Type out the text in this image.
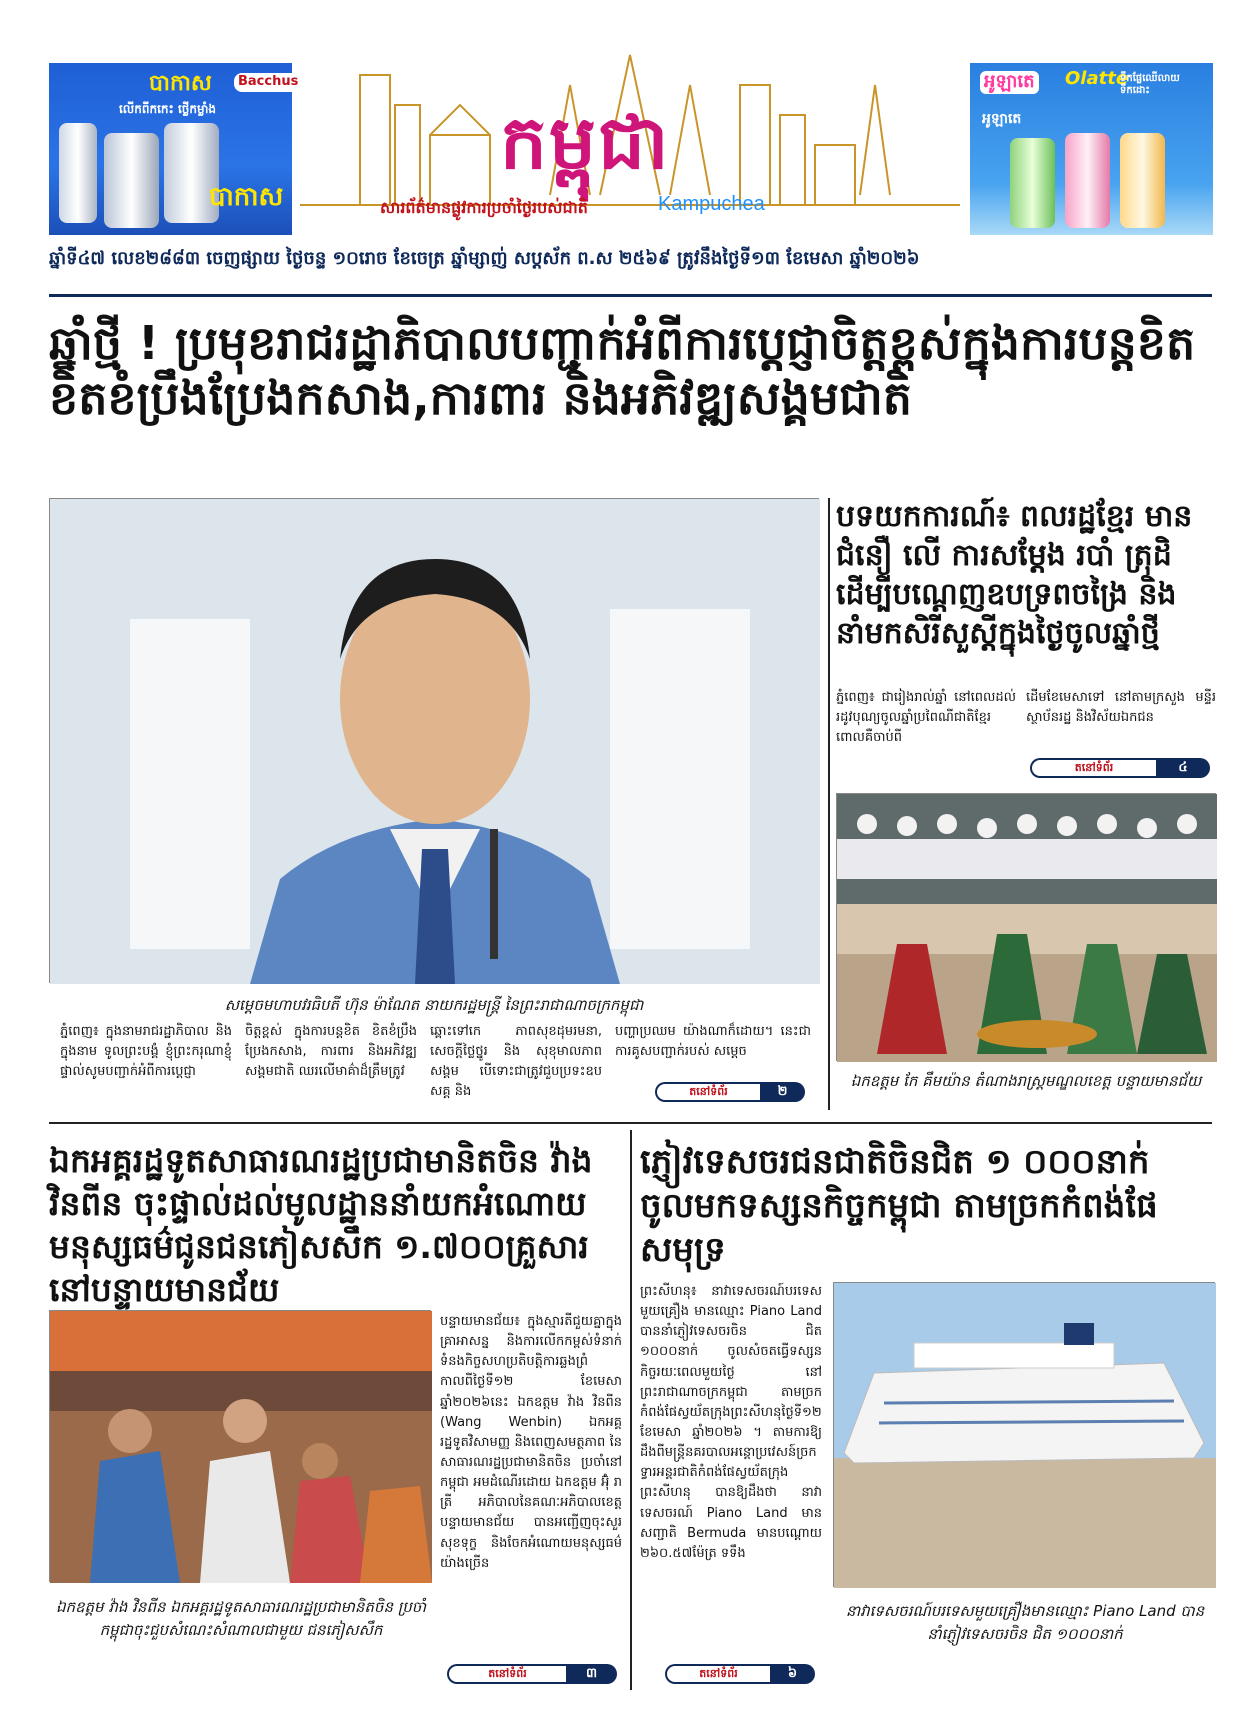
បាកាស
លើកពីកកេះ ថ្លើកម្លាំង
Bacchus
បាកាស
កម្ពុជា
សារព័ត៌មានផ្លូវការប្រចាំថ្ងៃរបស់ជាតិ	Kampuchea
អូឡាតេ Olatte
ទឹកផ្លែឈើលាយទឹកដោះ
អូឡាតេ
ឆ្នាំទី៤៧ លេខ២៨៨៣ ចេញផ្សាយ ថ្ងៃចន្ទ ១០រោច ខែចេត្រ ឆ្នាំម្សាញ់ សប្តស័ក ព.ស ២៥៦៩ ត្រូវនឹងថ្ងៃទី១៣ ខែមេសា ឆ្នាំ២០២៦
ឆ្នាំថ្មី ! ប្រមុខរាជរដ្ឋាភិបាលបញ្ជាក់អំពីការប្តេជ្ញាចិត្តខ្ពស់ក្នុងការបន្តខិតខិតខំប្រឹងប្រែងកសាង,ការពារ និងអភិវឌ្ឍសង្គមជាតិ
សម្តេចមហាបវរធិបតី ហ៊ុន ម៉ាណែត នាយករដ្ឋមន្ត្រី នៃព្រះរាជាណាចក្រកម្ពុជា
ភ្នំពេញ៖ ក្នុងនាមរាជរដ្ឋាភិបាល និងក្នុងនាម ទូលព្រះបង្គំ ខ្ញុំព្រះករុណាខ្ញុំផ្ទាល់សូមបញ្ជាក់អំពីការប្តេជ្ញា
ចិត្តខ្ពស់ ក្នុងការបន្តខិត ខិតខំប្រឹងប្រែងកសាង, ការពារ និងអភិវឌ្ឍសង្គមជាតិ ឈរលើមាគ៌ាដ៏ត្រឹមត្រូវ
ឆ្ពោះទៅកេ ភាពសុខដុមរមនា, សេចក្តីថ្លៃថ្នូរ និង សុខុមាលភាពសង្គម បើទោះជាត្រូវជួបប្រទះឧបសគ្គ និង
បញ្ហាប្រឈម យ៉ាងណាក៏ដោយ។ នេះជាការគូសបញ្ជាក់របស់ សម្តេច
តនៅទំព័រ	២
បទយកការណ៍៖ ពលរដ្ឋខ្មែរ មានជំនឿ លើ ការសម្តែង របាំ ត្រុដិ ដើម្បីបណ្តេញឧបទ្រពចង្រៃ និង នាំមកសិរីសួស្តីក្នុងថ្ងៃចូលឆ្នាំថ្មី
ភ្នំពេញ៖ ជារៀងរាល់ឆ្នាំ នៅពេលដល់រដូវបុណ្យចូលឆ្នាំប្រពៃណីជាតិខ្មែរពោលគឺចាប់ពី
ដើមខែមេសាទៅ នៅតាមក្រសួង មន្ទីរ ស្ថាប័នរដ្ឋ និងវិស័យឯកជន
តនៅទំព័រ	៤
ឯកឧត្តម កែ គឹមយ៉ាន តំណាងរាស្ត្រមណ្ឌលខេត្ត បន្ទាយមានជ័យ
ឯកអគ្គរដ្ឋទូតសាធារណរដ្ឋប្រជាមានិតចិន វ៉ាង វិនពីន ចុះផ្ទាល់ដល់មូលដ្ឋាននាំយកអំណោយមនុស្សធម៌ជូនជនភៀសសឹក ១.៧០០គ្រួសារ នៅបន្ទាយមានជ័យ
បន្ទាយមានជ័យ៖ ក្នុងស្មារតីជួយគ្នាក្នុងគ្រាអាសន្ន និងការលើកកម្ពស់ទំនាក់ទំនងកិច្ចសហប្រតិបត្តិការឆ្លងព្រំ កាលពីថ្ងៃទី១២ ខែមេសា ឆ្នាំ២០២៦នេះ ឯកឧត្តម វ៉ាង វិនពីន (Wang Wenbin) ឯកអគ្គរដ្ឋទូតវិសាមញ្ញ និងពេញសមត្ថភាព នៃសាធារណរដ្ឋប្រជាមានិតចិន ប្រចាំនៅកម្ពុជា អមដំណើរដោយ ឯកឧត្តម អ៊ុំ រាត្រី អភិបាលនៃគណៈអភិបាលខេត្តបន្ទាយមានជ័យ បានអញ្ជើញចុះសួរសុខទុក្ខ និងចែកអំណោយមនុស្សធម៌យ៉ាងច្រើន
ឯកឧត្តម វ៉ាង វិនពីន ឯកអគ្គរដ្ឋទូតសាធារណរដ្ឋប្រជាមានិតចិន ប្រចាំកម្ពុជាចុះជួបសំណេះសំណាលជាមួយ ជនភៀសសឹក
តនៅទំព័រ	៣
ភ្ញៀវទេសចរជនជាតិចិនជិត ១ ០០០នាក់ ចូលមកទស្សនកិច្ចកម្ពុជា តាមច្រកកំពង់ផែសមុទ្រ
ព្រះសីហនុ៖ នាវាទេសចរណ៍បរទេសមួយគ្រឿង មានឈ្មោះ Piano Land បាននាំភ្ញៀវទេសចរចិន ជិត ១០០០នាក់ ចូលសំចតធ្វើទស្សនកិច្ចរយៈពេលមួយថ្ងៃ នៅព្រះរាជាណាចក្រកម្ពុជា តាមច្រកកំពង់ផែស្វយ័តក្រុងព្រះសីហនុថ្ងៃទី១២ ខែមេសា ឆ្នាំ២០២៦ ។ តាមការឱ្យដឹងពីមន្ត្រីនគរបាលអន្តោប្រវេសន៍ច្រកទ្វារអន្តរជាតិកំពង់ផែស្វយ័តក្រុងព្រះសីហនុ បានឱ្យដឹងថា នាវាទេសចរណ៍ Piano Land មានសញ្ជាតិ Bermuda មានបណ្តោយ ២៦០.៥៧ម៉ែត្រ ទទឹង
នាវាទេសចរណ៍បរទេសមួយគ្រឿងមានឈ្មោះ Piano Land បាននាំភ្ញៀវទេសចរចិន ជិត ១០០០នាក់
តនៅទំព័រ	៦
